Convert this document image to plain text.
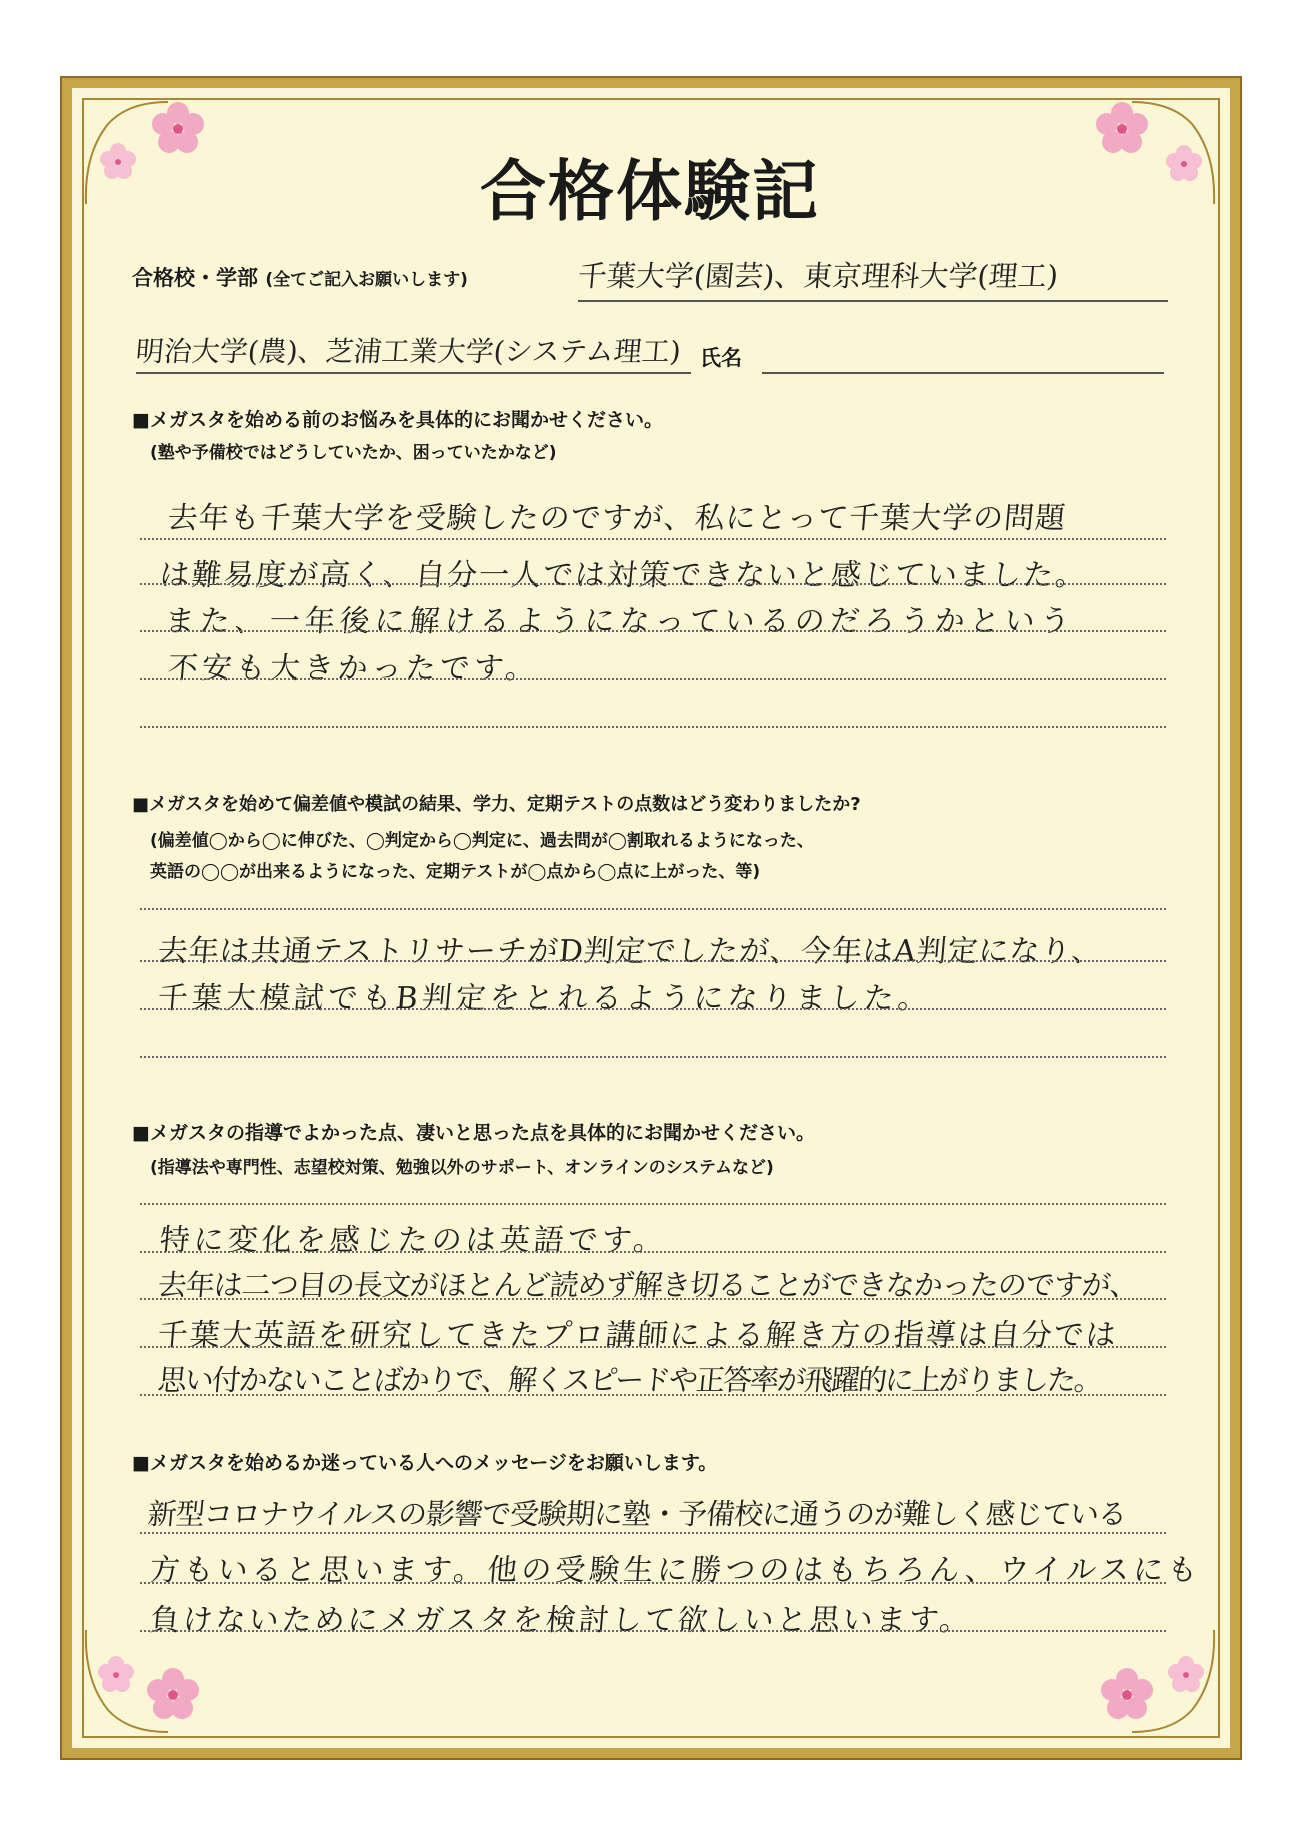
合格体験記
合格校・学部 (全てご記入お願いします)	千葉大学(園芸)、東京理科大学(理工)
明治大学(農)、芝浦工業大学(システム理工) 氏名
■メガスタを始める前のお悩みを具体的にお聞かせください。
(塾や予備校ではどうしていたか、困っていたかなど)
去年も千葉大学を受験したのですが、私にとって千葉大学の問題
は難易度が高く、自分一人では対策できないと感じていました。
また、一年後に解けるようになっているのだろうかという
不安も大きかったです。
■メガスタを始めて偏差値や模試の結果、学力、定期テストの点数はどう変わりましたか?
(偏差値◯から◯に伸びた、◯判定から◯判定に、過去問が◯割取れるようになった、
英語の◯◯が出来るようになった、定期テストが◯点から◯点に上がった、等)
去年は共通テストリサーチがD判定でしたが、今年はA判定になり、
千葉大模試でもB判定をとれるようになりました。
■メガスタの指導でよかった点、凄いと思った点を具体的にお聞かせください。
(指導法や専門性、志望校対策、勉強以外のサポート、オンラインのシステムなど)
特に変化を感じたのは英語です。
去年は二つ目の長文がほとんど読めず解き切ることができなかったのですが、
千葉大英語を研究してきたプロ講師による解き方の指導は自分では
思い付かないことばかりで、解くスピードや正答率が飛躍的に上がりました。
■メガスタを始めるか迷っている人へのメッセージをお願いします。
新型コロナウイルスの影響で受験期に塾・予備校に通うのが難しく感じている
方もいると思います。他の受験生に勝つのはもちろん、ウイルスにも
負けないためにメガスタを検討して欲しいと思います。
